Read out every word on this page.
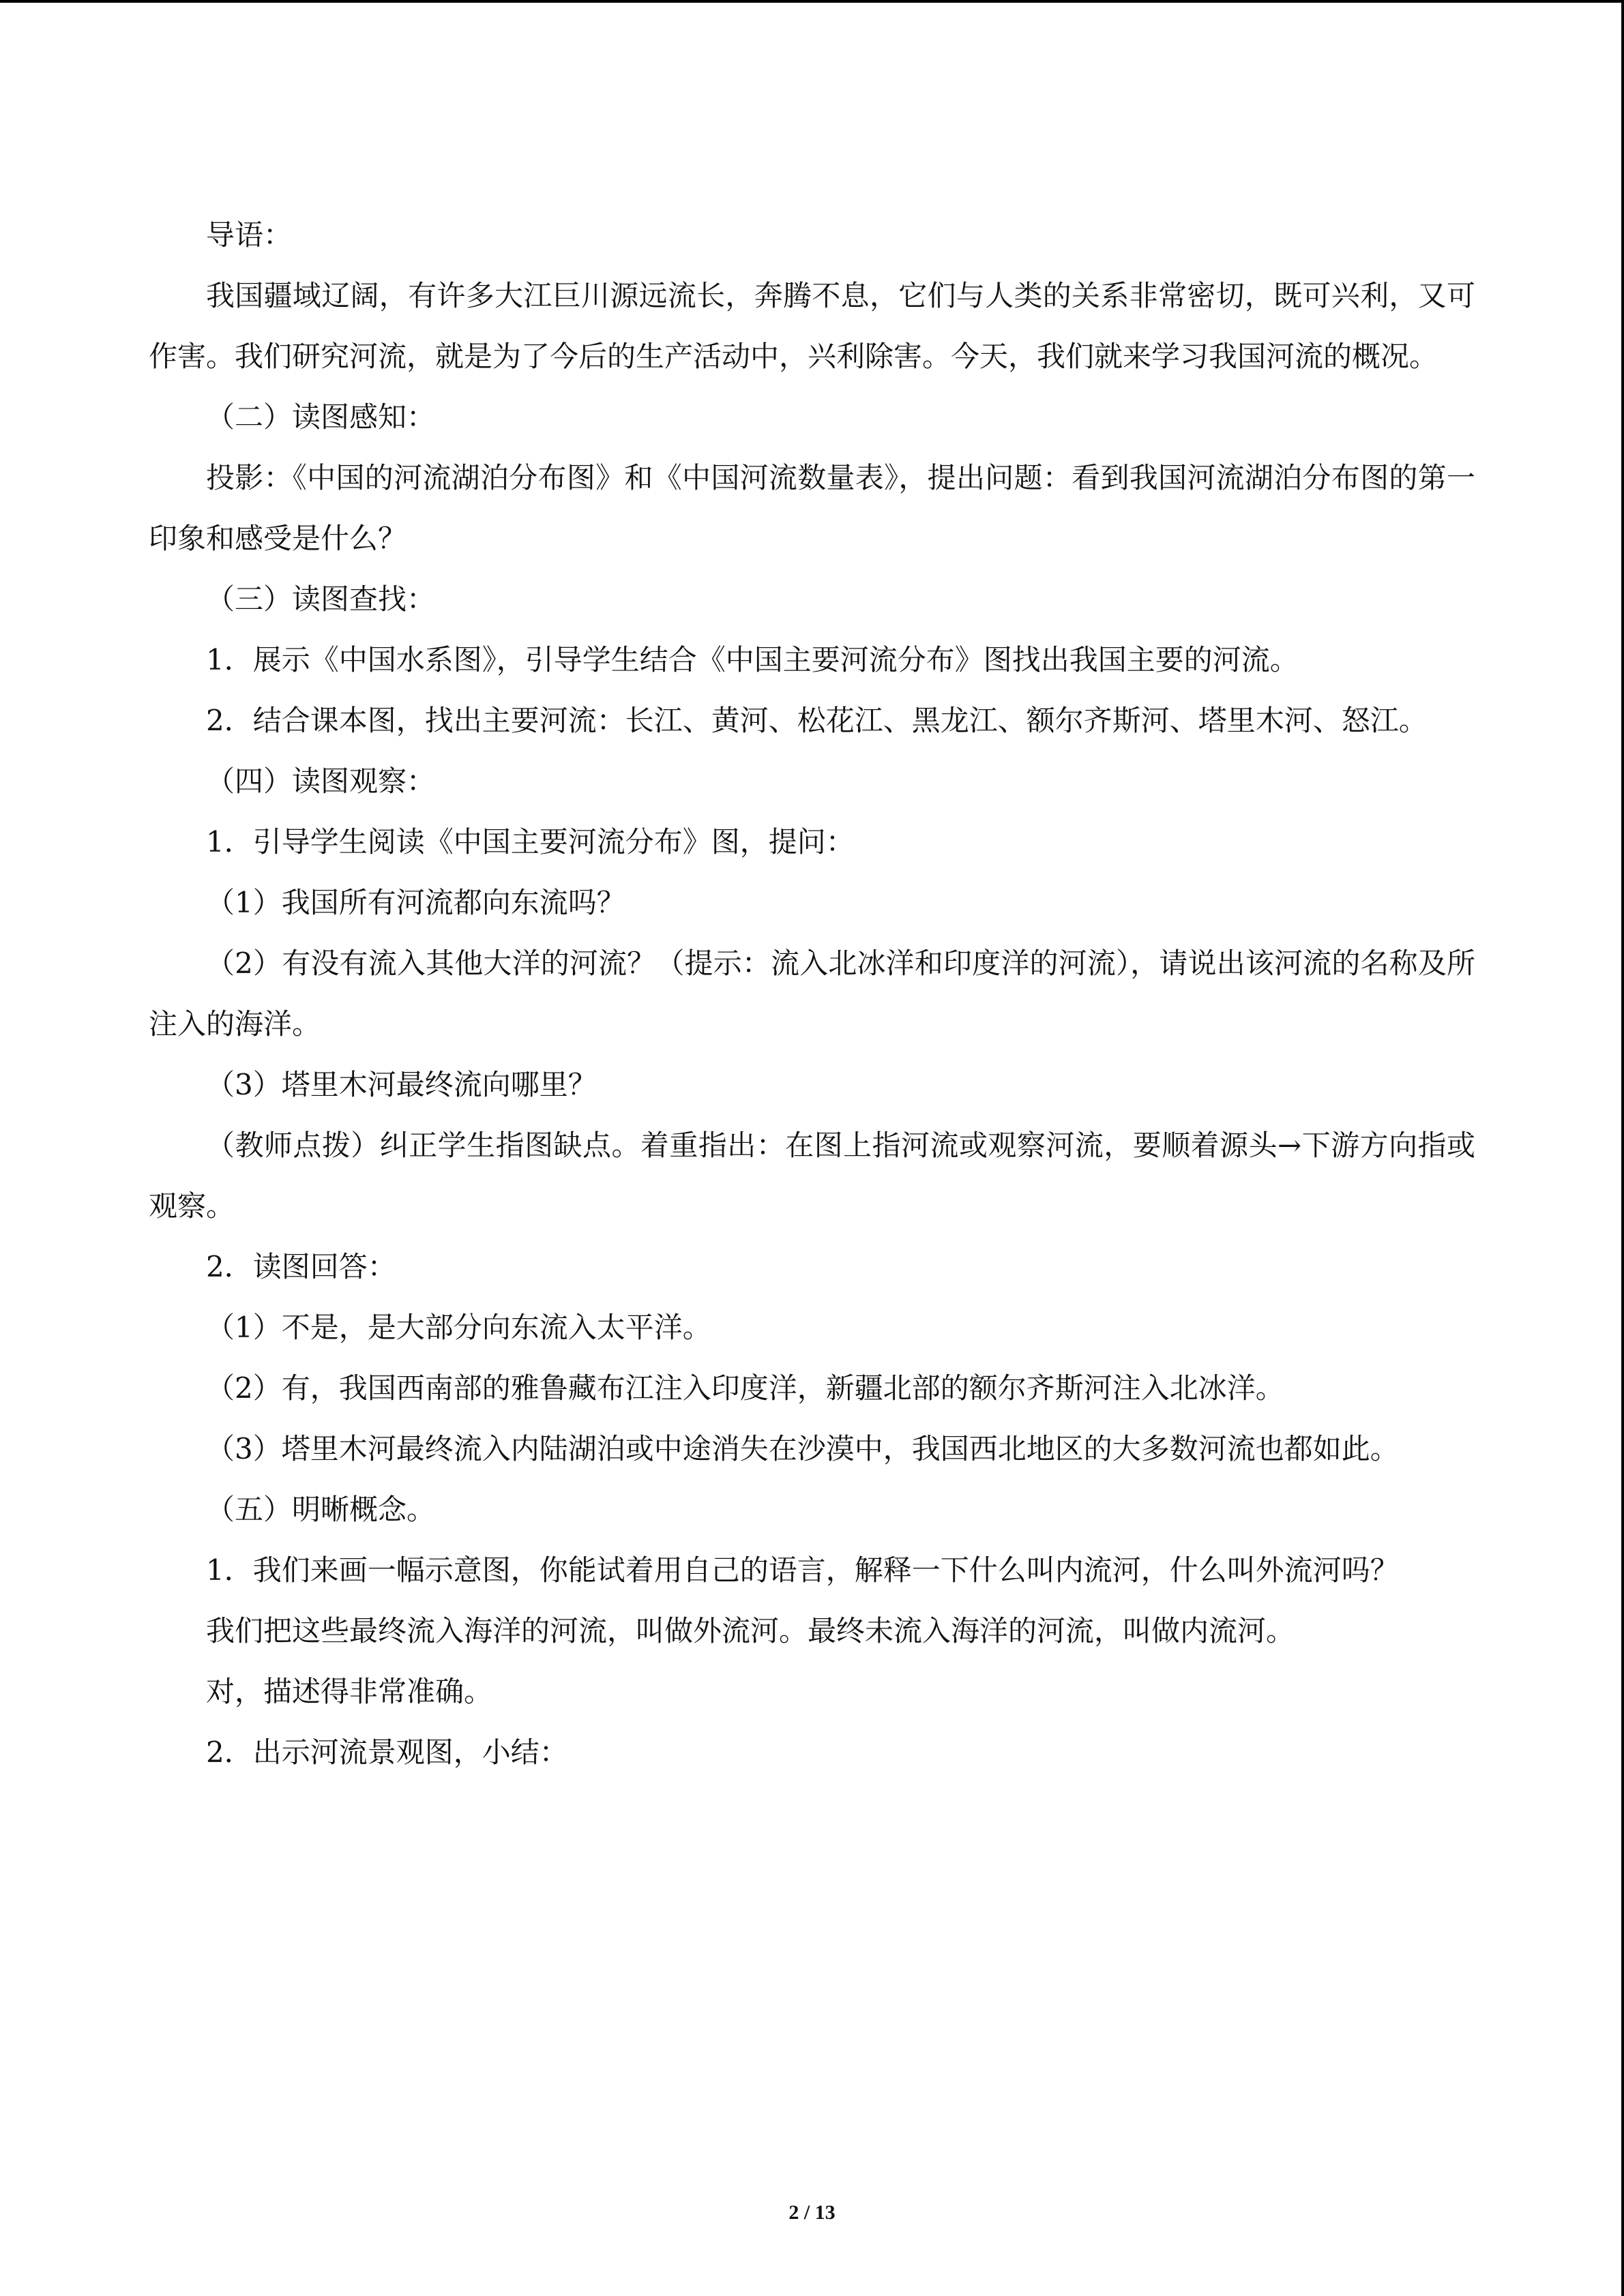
导语：

我国疆域辽阔，有许多大江巨川源远流长，奔腾不息，它们与人类的关系非常密切，既可兴利，又可作害。我们研究河流，就是为了今后的生产活动中，兴利除害。今天，我们就来学习我国河流的概况。

（二）读图感知：

投影：《中国的河流湖泊分布图》和《中国河流数量表》，提出问题：看到我国河流湖泊分布图的第一印象和感受是什么？

（三）读图查找：

1．展示《中国水系图》，引导学生结合《中国主要河流分布》图找出我国主要的河流。

2．结合课本图，找出主要河流：长江、黄河、松花江、黑龙江、额尔齐斯河、塔里木河、怒江。

（四）读图观察：

1．引导学生阅读《中国主要河流分布》图，提问：

（1）我国所有河流都向东流吗？

（2）有没有流入其他大洋的河流？（提示：流入北冰洋和印度洋的河流），请说出该河流的名称及所注入的海洋。

（3）塔里木河最终流向哪里？

（教师点拨）纠正学生指图缺点。着重指出：在图上指河流或观察河流，要顺着源头→下游方向指或观察。

2．读图回答：

（1）不是，是大部分向东流入太平洋。

（2）有，我国西南部的雅鲁藏布江注入印度洋，新疆北部的额尔齐斯河注入北冰洋。

（3）塔里木河最终流入内陆湖泊或中途消失在沙漠中，我国西北地区的大多数河流也都如此。

（五）明晰概念。

1．我们来画一幅示意图，你能试着用自己的语言，解释一下什么叫内流河，什么叫外流河吗？

我们把这些最终流入海洋的河流，叫做外流河。最终未流入海洋的河流，叫做内流河。

对，描述得非常准确。

2．出示河流景观图，小结：

2 / 13
